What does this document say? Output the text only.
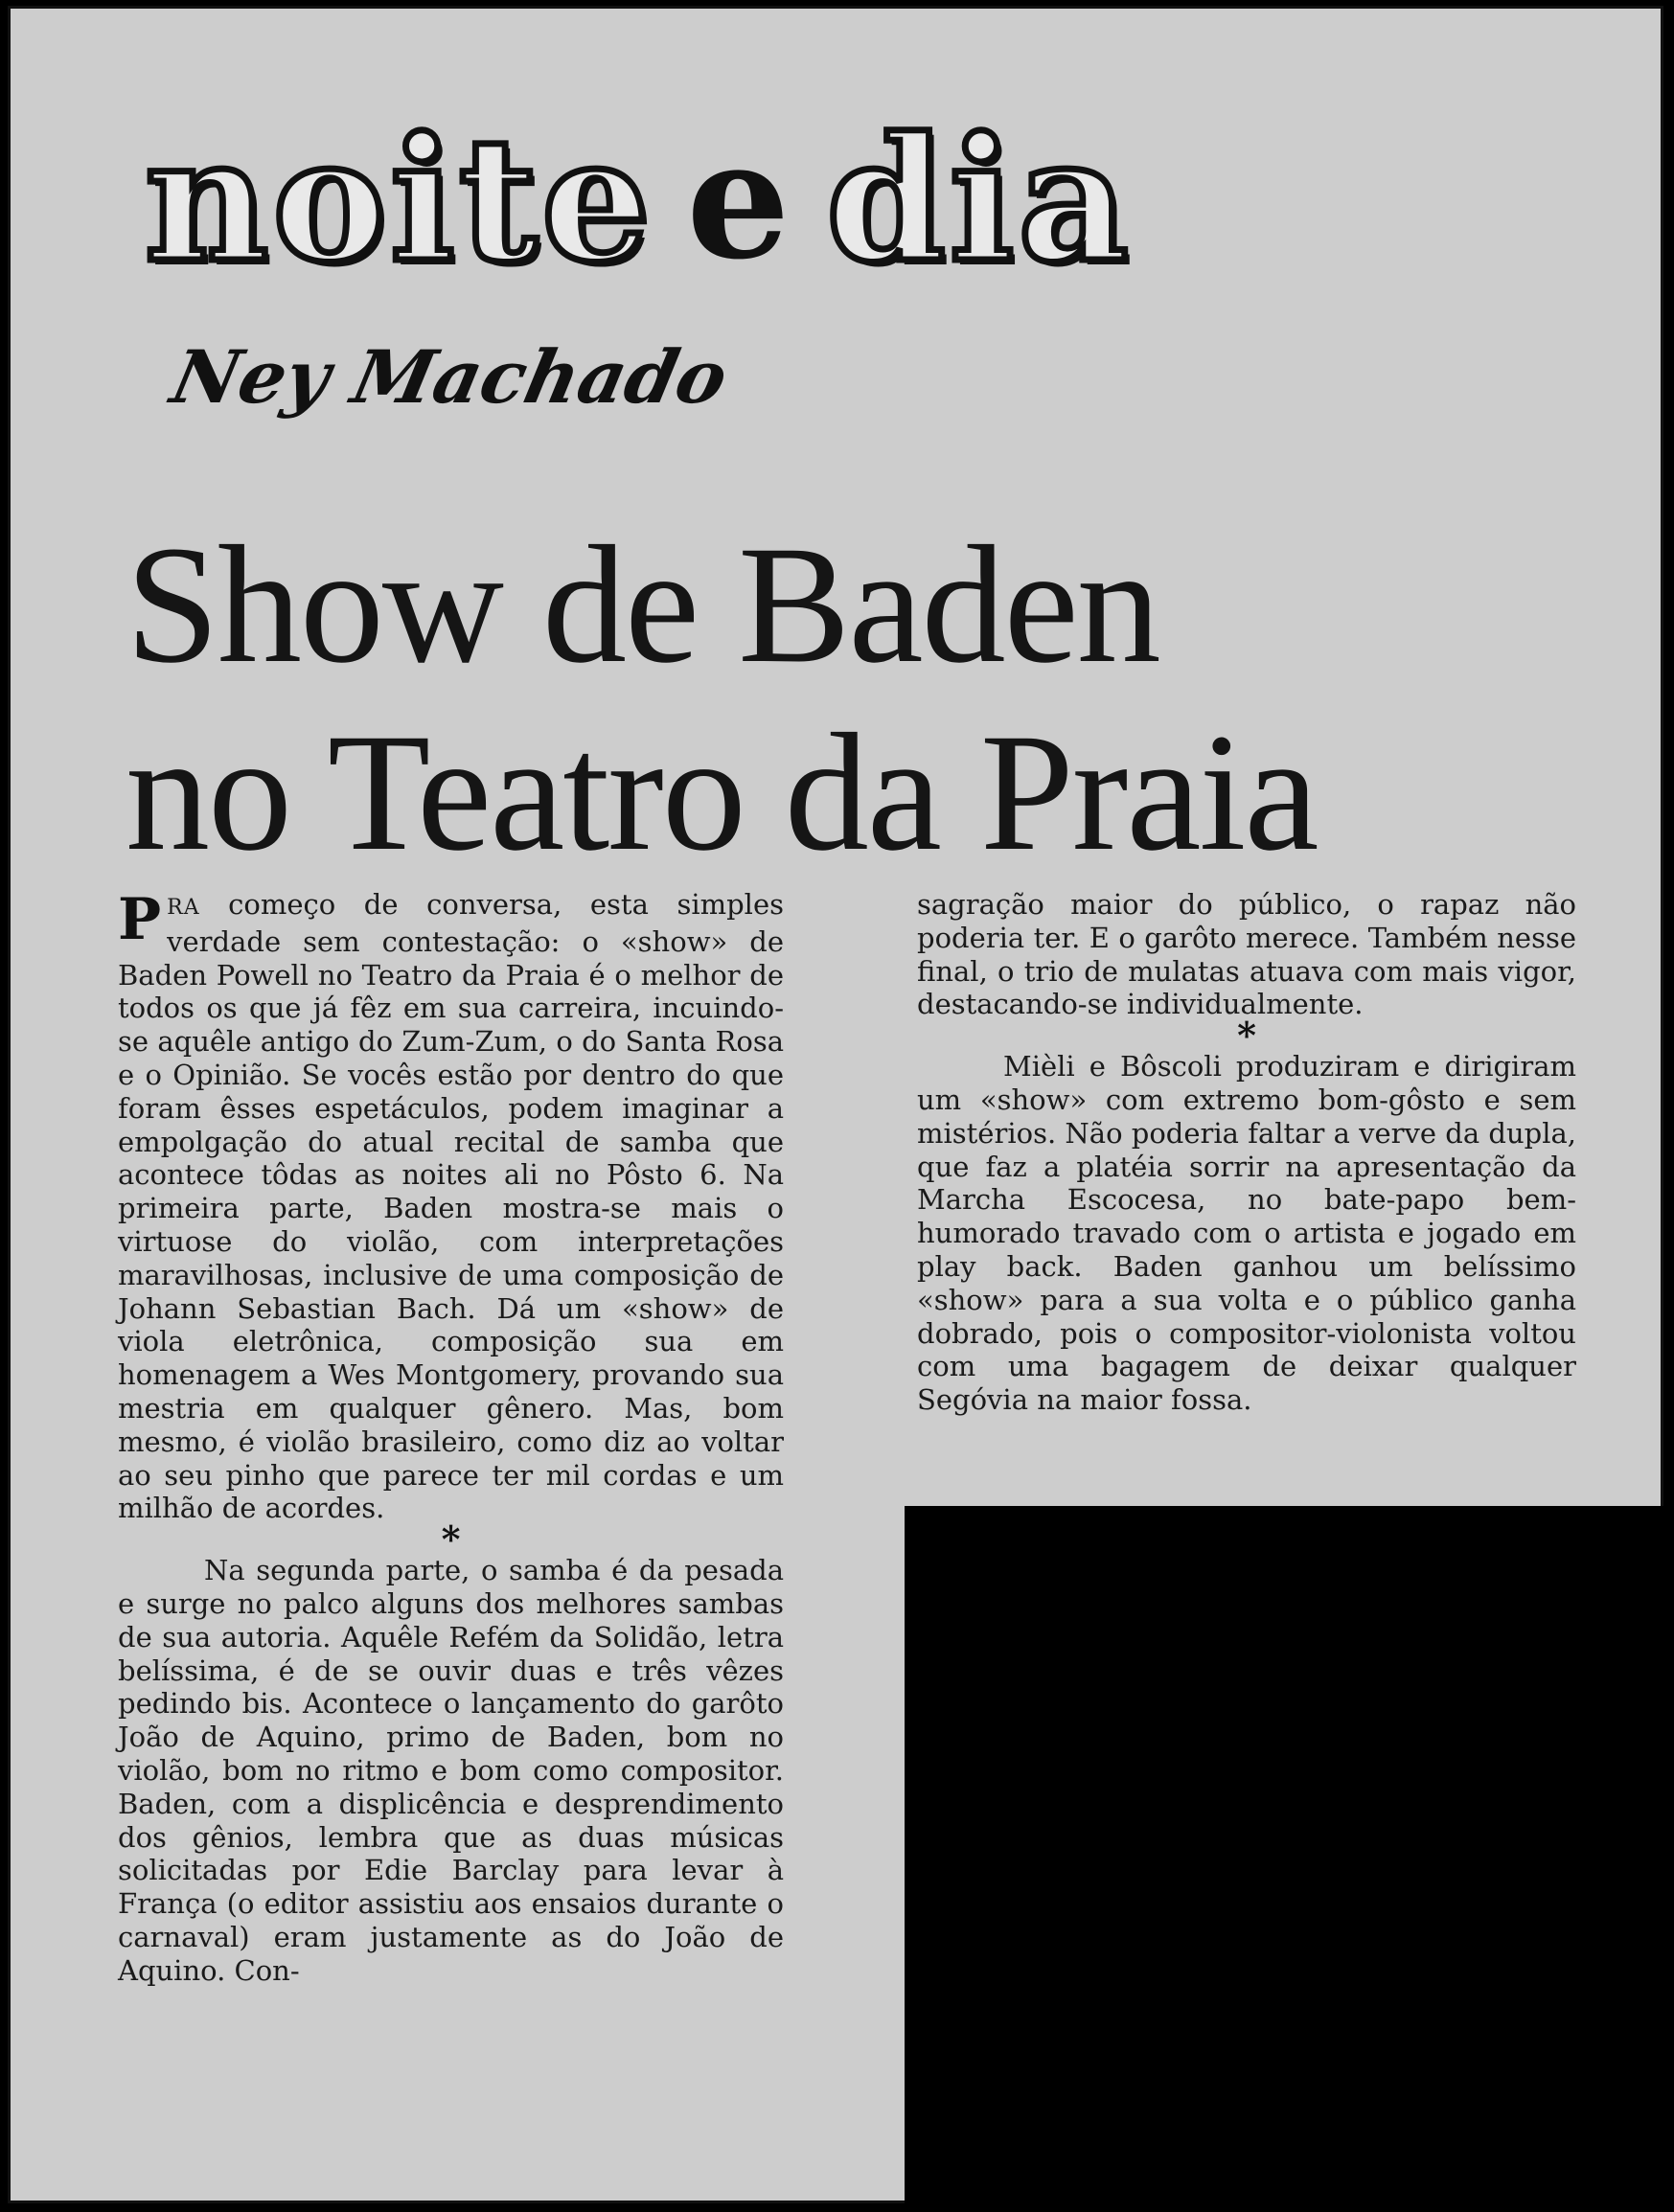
noite e dia
Ney Machado
Show de Baden
no Teatro da Praia

PRA começo de conversa, esta simples verdade sem contestação: o «show» de Baden Powell no Teatro da Praia é o melhor de todos os que já fêz em sua carreira, incuindo-se aquêle antigo do Zum-Zum, o do Santa Rosa e o Opinião. Se vocês estão por dentro do que foram êsses espetáculos, podem imaginar a empolgação do atual recital de samba que acontece tôdas as noites ali no Pôsto 6. Na primeira parte, Baden mostra-se mais o virtuose do violão, com interpretações maravilhosas, inclusive de uma composição de Johann Sebastian Bach. Dá um «show» de viola eletrônica, composição sua em homenagem a Wes Montgomery, provando sua mestria em qualquer gênero. Mas, bom mesmo, é violão brasileiro, como diz ao voltar ao seu pinho que parece ter mil cordas e um milhão de acordes.

*

Na segunda parte, o samba é da pesada e surge no palco alguns dos melhores sambas de sua autoria. Aquêle Refém da Solidão, letra belíssima, é de se ouvir duas e três vêzes pedindo bis. Acontece o lançamento do garôto João de Aquino, primo de Baden, bom no violão, bom no ritmo e bom como compositor. Baden, com a displicência e desprendimento dos gênios, lembra que as duas músicas solicitadas por Edie Barclay para levar à França (o editor assistiu aos ensaios durante o carnaval) eram justamente as do João de Aquino. Con-

sagração maior do público, o rapaz não poderia ter. E o garôto merece. Também nesse final, o trio de mulatas atuava com mais vigor, destacando-se individualmente.

*

Mièli e Bôscoli produziram e dirigiram um «show» com extremo bom-gôsto e sem mistérios. Não poderia faltar a verve da dupla, que faz a platéia sorrir na apresentação da Marcha Escocesa, no bate-papo bem-humorado travado com o artista e jogado em play back. Baden ganhou um belíssimo «show» para a sua volta e o público ganha dobrado, pois o compositor-violonista voltou com uma bagagem de deixar qualquer Segóvia na maior fossa.
